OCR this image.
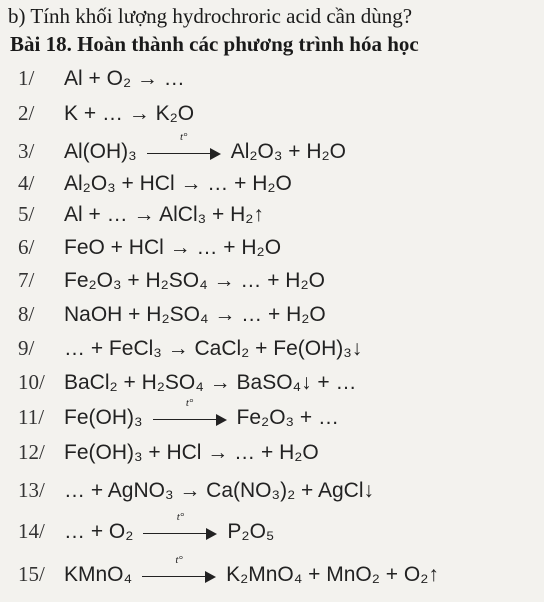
b) Tính khối lượng hydrochroric acid cần dùng?
Bài 18. Hoàn thành các phương trình hóa học
1/ Al + O₂ → …
2/ K + … → K₂O
3/ Al(OH)₃
t°
Al₂O₃ + H₂O
4/ Al₂O₃ + HCl → … + H₂O
5/ Al + … → AlCl₃ + H₂↑
6/ FeO + HCl → … + H₂O
7/ Fe₂O₃ + H₂SO₄ → … + H₂O
8/ NaOH + H₂SO₄ → … + H₂O
9/ … + FeCl₃ → CaCl₂ + Fe(OH)₃↓
10/ BaCl₂ + H₂SO₄ → BaSO₄↓ + …
11/ Fe(OH)₃
t°
Fe₂O₃ + …
12/ Fe(OH)₃ + HCl → … + H₂O
13/ … + AgNO₃ → Ca(NO₃)₂ + AgCl↓
14/ … + O₂
t°
P₂O₅
15/ KMnO₄
t°
K₂MnO₄ + MnO₂ + O₂↑
